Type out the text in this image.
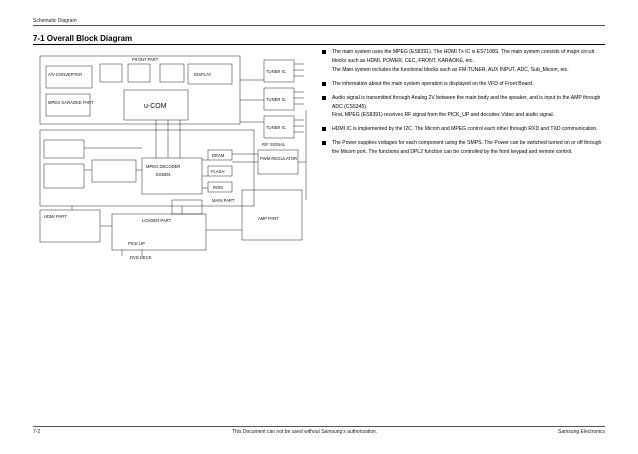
Schematic Diagram
7-1 Overall Block Diagram
FRONT PART
A/V CONVERTER	DISPLAY
MPEG KARAOKE PART
u-COM
TUNER IC
TUNER IC
TUNER IC
R/F SIGNAL
PWM REGULATOR
MPEG DECODER
ES8391
DRAM
FLASH
ROM
MAIN PART
HDMI PART
LOADER PART	AMP PART
PICK UP
DVD DECK
The main system uses the MPEG (ES8391). The HDMI Tx IC is ES7108S. The main system consists of major circuit
blocks such as HDMI, POWER, CEC, FRONT, KARAOKE, etc.
The Main system includes the functional blocks such as FM-TUNER, AUX INPUT, ADC, Sub_Micom, etc.
The information about the main system operation is displayed on the VFD of Front Board.
Audio signal is transmitted through Analog 2V between the main body and the speaker, and is input to the AMP through
ADC (CS5345).
First, MPEG (ES8391) receives RF signal from the PICK_UP and decodes Video and audio signal.
HDMI IC is implemented by the I2C. The Micom and MPEG control each other through RXD and TXD communication.
The Power supplies voltages for each component using the SMPS. The Power can be switched turned on or off through
the Micom port. The functions and DPL2 function can be controlled by the front keypad and remote control.
7-2	This Document can not be used without Samsung's authorization.	Samsung Electronics
